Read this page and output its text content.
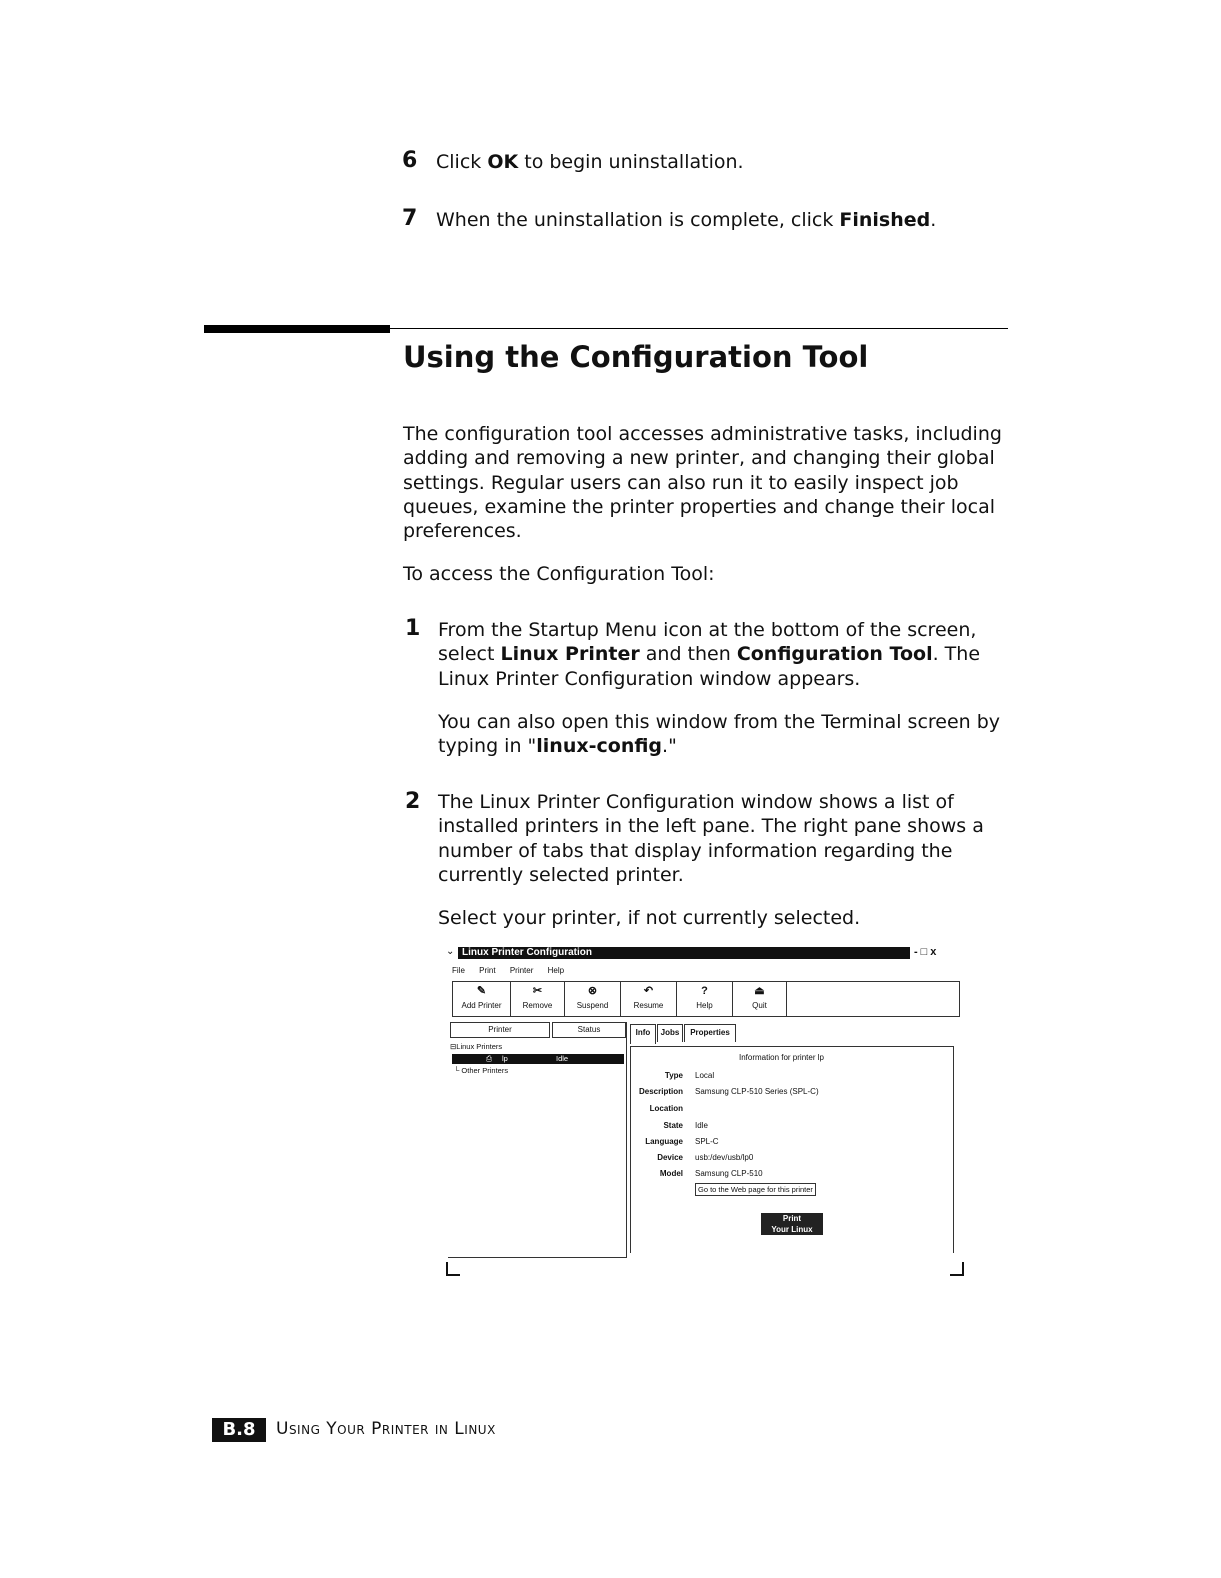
6 Click OK to begin uninstallation.
7 When the uninstallation is complete, click Finished.
Using the Configuration Tool
The configuration tool accesses administrative tasks, including adding and removing a new printer, and changing their global settings. Regular users can also run it to easily inspect job queues, examine the printer properties and change their local preferences.
To access the Configuration Tool:
1 From the Startup Menu icon at the bottom of the screen, select Linux Printer and then Configuration Tool. The Linux Printer Configuration window appears.
You can also open this window from the Terminal screen by typing in "linux-config."
2 The Linux Printer Configuration window shows a list of installed printers in the left pane. The right pane shows a number of tabs that display information regarding the currently selected printer.
Select your printer, if not currently selected.
⌄ Linux Printer Configuration	-□x
File Print Printer Help
✎
Add Printer
✂
Remove
⊗
Suspend
↶
Resume
?
Help
⏏
Quit
Printer	Status
⊟Linux Printers
⎙ lp	Idle
└ Other Printers
Info	Jobs	Properties
Information for printer lp
Type Local
Description Samsung CLP-510 Series (SPL-C)
Location
State Idle
Language SPL-C
Device usb:/dev/usb/lp0
Model Samsung CLP-510
Go to the Web page for this printer
Print
Your Linux
B.8	Using Your Printer in Linux
